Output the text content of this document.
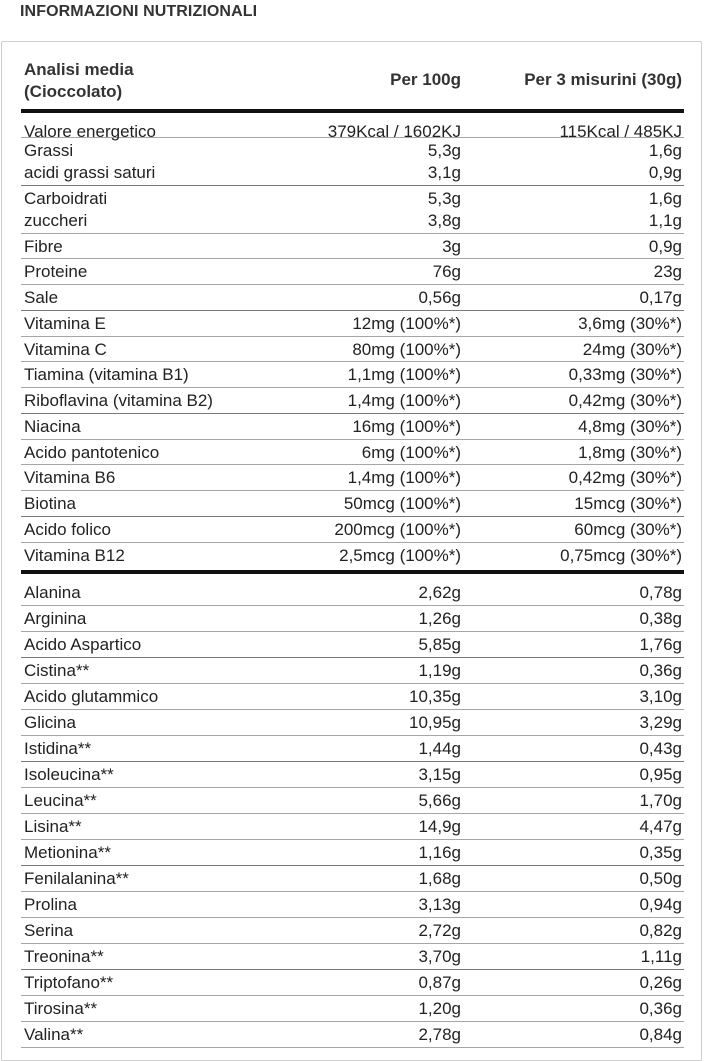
INFORMAZIONI NUTRIZIONALI
Analisi media
(Cioccolato)
Per 100g	Per 3 misurini (30g)
Valore energetico	379Kcal / 1602KJ	115Kcal / 485KJ
Grassi	5,3g	1,6g
acidi grassi saturi	3,1g	0,9g
Carboidrati	5,3g	1,6g
zuccheri	3,8g	1,1g
Fibre	3g	0,9g
Proteine	76g	23g
Sale	0,56g	0,17g
Vitamina E	12mg (100%*)	3,6mg (30%*)
Vitamina C	80mg (100%*)	24mg (30%*)
Tiamina (vitamina B1)	1,1mg (100%*)	0,33mg (30%*)
Riboflavina (vitamina B2)	1,4mg (100%*)	0,42mg (30%*)
Niacina	16mg (100%*)	4,8mg (30%*)
Acido pantotenico	6mg (100%*)	1,8mg (30%*)
Vitamina B6	1,4mg (100%*)	0,42mg (30%*)
Biotina	50mcg (100%*)	15mcg (30%*)
Acido folico	200mcg (100%*)	60mcg (30%*)
Vitamina B12	2,5mcg (100%*)	0,75mcg (30%*)
Alanina	2,62g	0,78g
Arginina	1,26g	0,38g
Acido Aspartico	5,85g	1,76g
Cistina**	1,19g	0,36g
Acido glutammico	10,35g	3,10g
Glicina	10,95g	3,29g
Istidina**	1,44g	0,43g
Isoleucina**	3,15g	0,95g
Leucina**	5,66g	1,70g
Lisina**	14,9g	4,47g
Metionina**	1,16g	0,35g
Fenilalanina**	1,68g	0,50g
Prolina	3,13g	0,94g
Serina	2,72g	0,82g
Treonina**	3,70g	1,11g
Triptofano**	0,87g	0,26g
Tirosina**	1,20g	0,36g
Valina**	2,78g	0,84g
